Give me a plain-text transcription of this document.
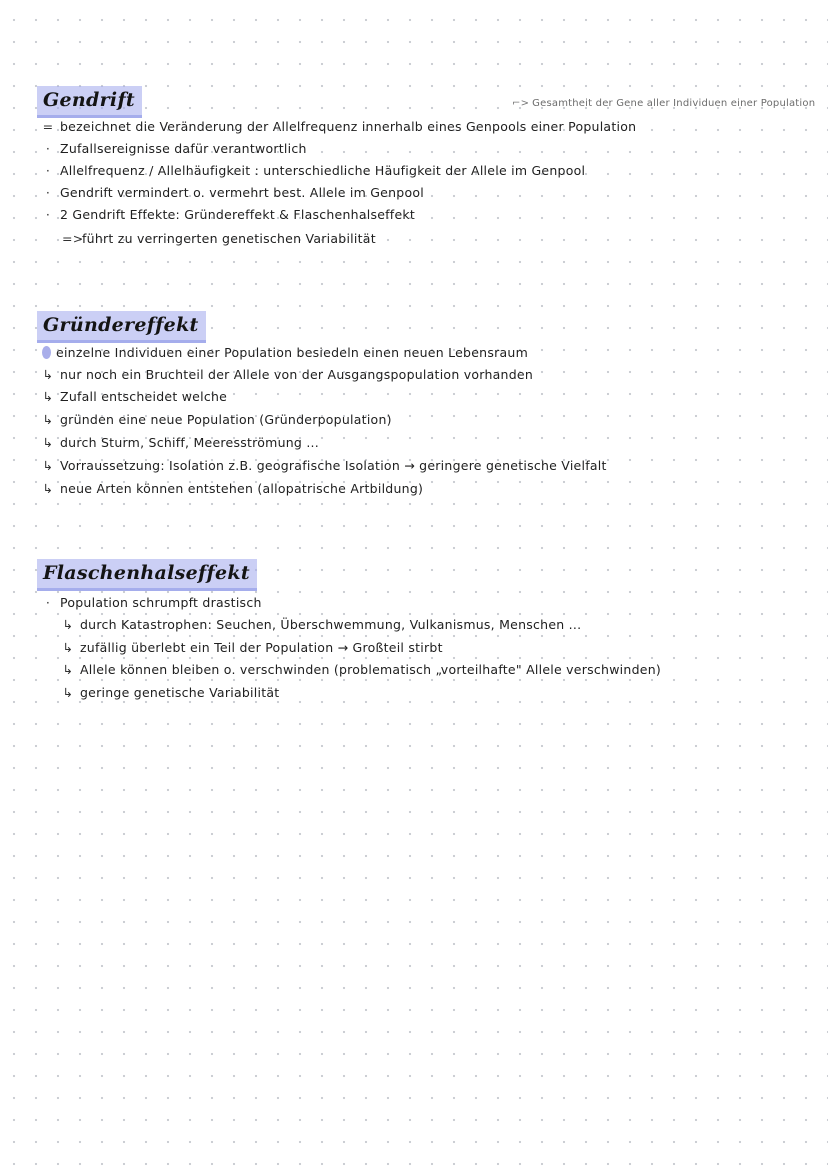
Gendrift	⌐> Gesamtheit der Gene aller Individuen einer Population
= bezeichnet die Veränderung der Allelfrequenz innerhalb eines Genpools einer Population
· Zufallsereignisse dafür verantwortlich
· Allelfrequenz / Allelhäufigkeit : unterschiedliche Häufigkeit der Allele im Genpool
· Gendrift vermindert o. vermehrt best. Allele im Genpool
· 2 Gendrift Effekte: Gründereffekt & Flaschenhalseffekt
=>führt zu verringerten genetischen Variabilität
Gründereffekt
einzelne Individuen einer Population besiedeln einen neuen Lebensraum
↳ nur noch ein Bruchteil der Allele von der Ausgangspopulation vorhanden
↳ Zufall entscheidet welche
↳ gründen eine neue Population (Gründerpopulation)
↳ durch Sturm, Schiff, Meeresströmung ...
↳ Vorraussetzung: Isolation z.B. geografische Isolation → geringere genetische Vielfalt
↳ neue Arten können entstehen (allopatrische Artbildung)
Flaschenhalseffekt
· Population schrumpft drastisch
↳ durch Katastrophen: Seuchen, Überschwemmung, Vulkanismus, Menschen ...
↳ zufällig überlebt ein Teil der Population → Großteil stirbt
↳ Allele können bleiben o. verschwinden (problematisch „vorteilhafte" Allele verschwinden)
↳ geringe genetische Variabilität
